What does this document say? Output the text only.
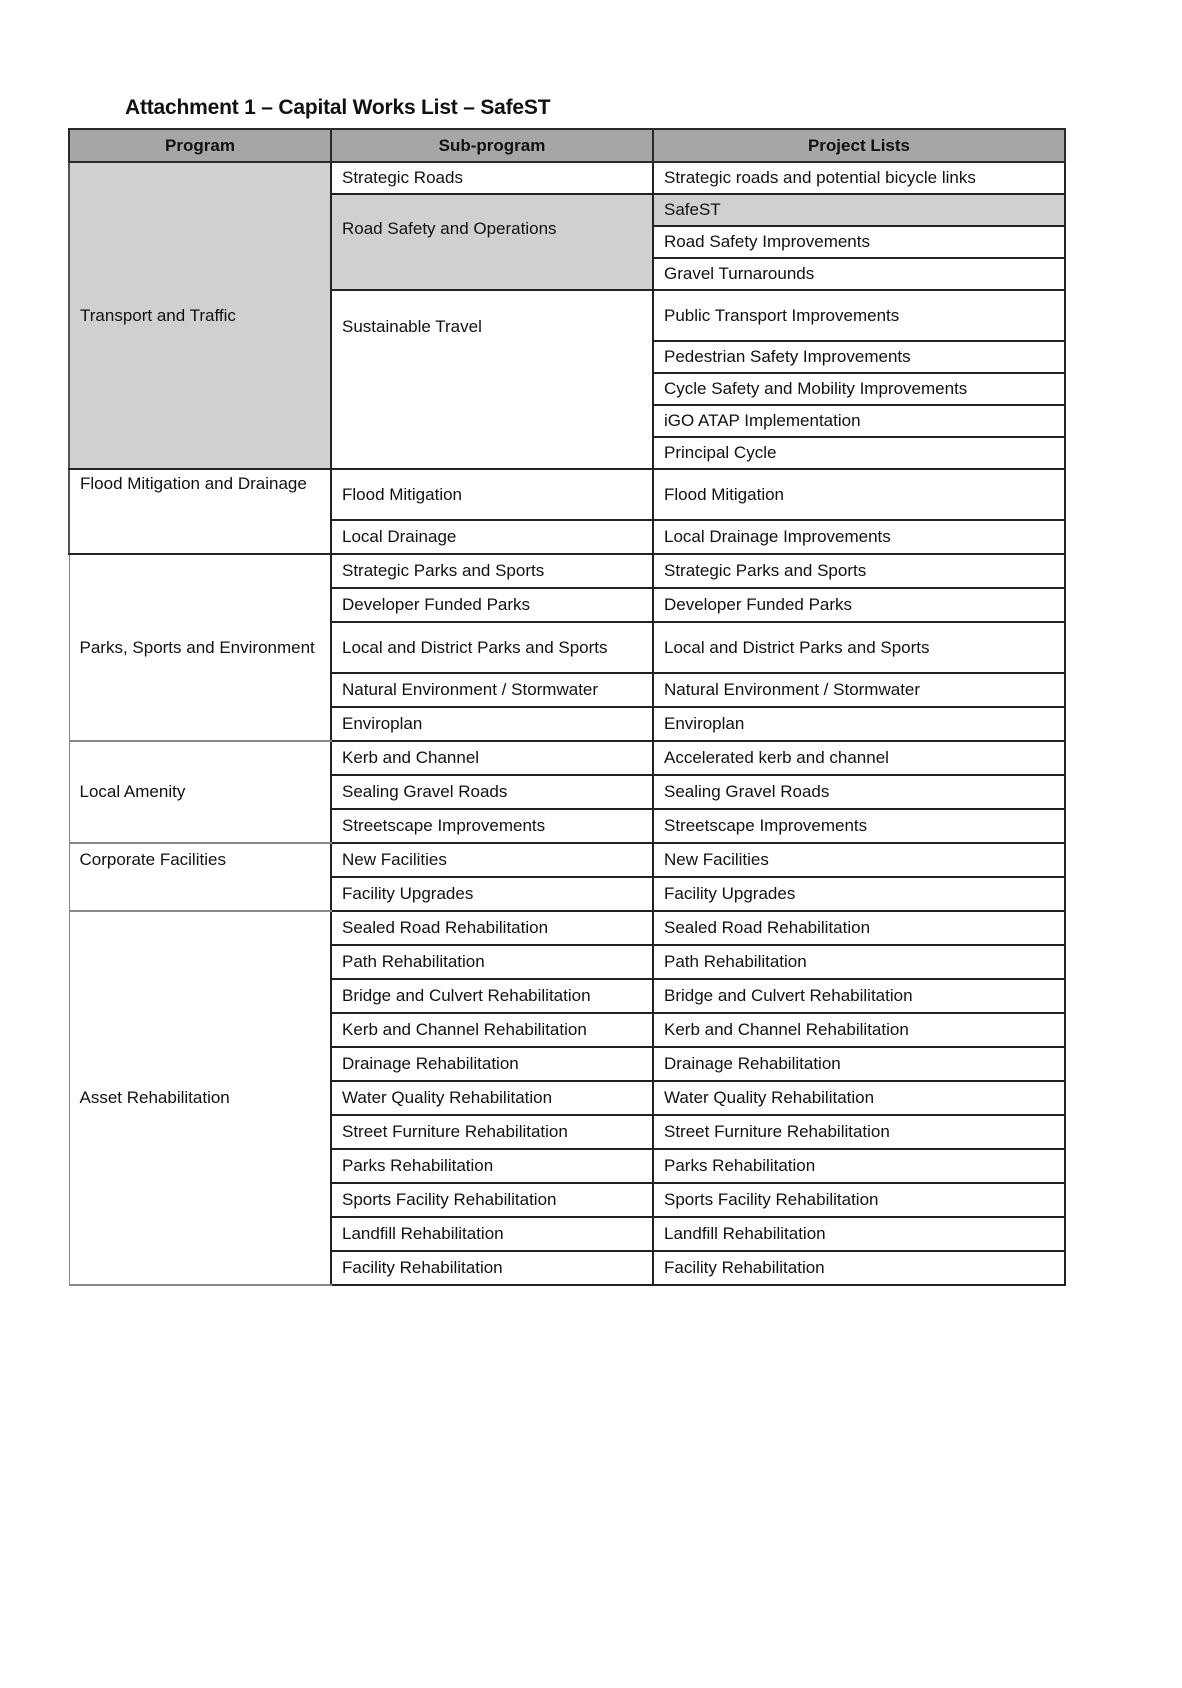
Attachment 1 – Capital Works List – SafeST
Program	Sub-program	Project Lists
Transport and Traffic	Strategic Roads	Strategic roads and potential bicycle links
	Road Safety and Operations	SafeST
		Road Safety Improvements
		Gravel Turnarounds
	Sustainable Travel	Public Transport Improvements
		Pedestrian Safety Improvements
		Cycle Safety and Mobility Improvements
		iGO ATAP Implementation
		Principal Cycle
Flood Mitigation and Drainage	Flood Mitigation	Flood Mitigation
	Local Drainage	Local Drainage Improvements
Parks, Sports and Environment	Strategic Parks and Sports	Strategic Parks and Sports
	Developer Funded Parks	Developer Funded Parks
	Local and District Parks and Sports	Local and District Parks and Sports
	Natural Environment / Stormwater	Natural Environment / Stormwater
	Enviroplan	Enviroplan
Local Amenity	Kerb and Channel	Accelerated kerb and channel
	Sealing Gravel Roads	Sealing Gravel Roads
	Streetscape Improvements	Streetscape Improvements
Corporate Facilities	New Facilities	New Facilities
	Facility Upgrades	Facility Upgrades
Asset Rehabilitation	Sealed Road Rehabilitation	Sealed Road Rehabilitation
	Path Rehabilitation	Path Rehabilitation
	Bridge and Culvert Rehabilitation	Bridge and Culvert Rehabilitation
	Kerb and Channel Rehabilitation	Kerb and Channel Rehabilitation
	Drainage Rehabilitation	Drainage Rehabilitation
	Water Quality Rehabilitation	Water Quality Rehabilitation
	Street Furniture Rehabilitation	Street Furniture Rehabilitation
	Parks Rehabilitation	Parks Rehabilitation
	Sports Facility Rehabilitation	Sports Facility Rehabilitation
	Landfill Rehabilitation	Landfill Rehabilitation
	Facility Rehabilitation	Facility Rehabilitation
